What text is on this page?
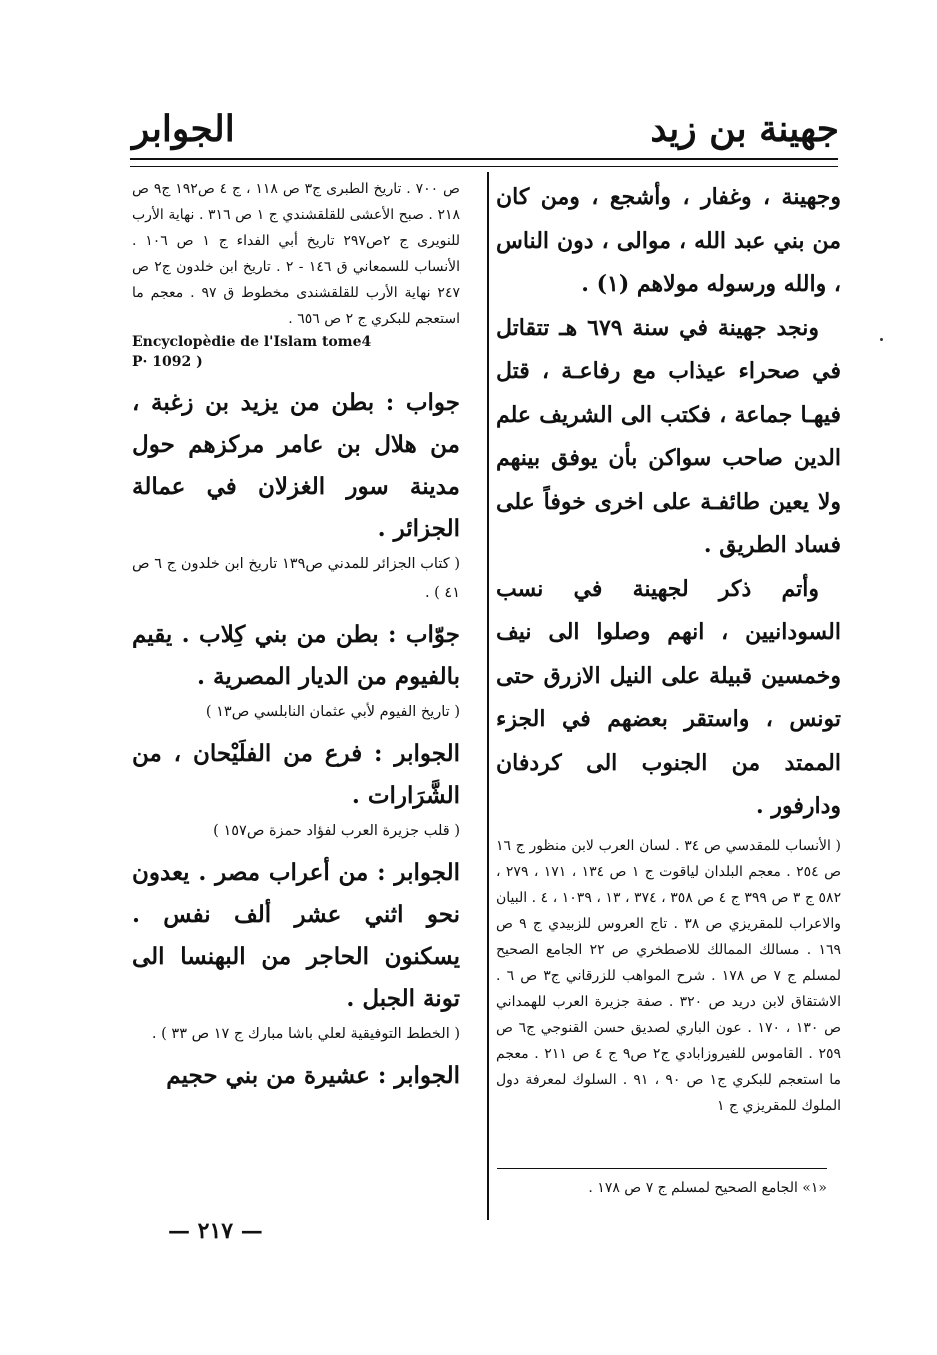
جهينة بن زيد
الجوابر

وجهينة ، وغفار ، وأشجع ، ومن كان من بني عبد الله ، موالى ، دون الناس ، والله ورسوله مولاهم (١) .

ونجد جهينة في سنة ٦٧٩ هـ تتقاتل في صحراء عيذاب مع رفاعـة ، قتل فيهـا جماعة ، فكتب الى الشريف علم الدين صاحب سواكن بأن يوفق بينهم ولا يعين طائفـة على اخرى خوفاً على فساد الطريق .

وأتم ذكر لجهينة في نسب السودانيين ، انهم وصلوا الى نيف وخمسين قبيلة على النيل الازرق حتى تونس ، واستقر بعضهم في الجزء الممتد من الجنوب الى كردفان ودارفور .

( الأنساب للمقدسي ص ٣٤ . لسان العرب لابن منظور ج ١٦ ص ٢٥٤ . معجم البلدان لياقوت ج ١ ص ١٣٤ ، ١٧١ ، ٢٧٩ ، ٥٨٢ ج ٣ ص ٣٩٩ ج ٤ ص ٣٥٨ ، ٣٧٤ ، ١٣ ، ١٠٣٩ ، ٤ . البيان والاعراب للمقريزي ص ٣٨ . تاج العروس للزبيدي ج ٩ ص ١٦٩ . مسالك الممالك للاصطخري ص ٢٢ الجامع الصحيح لمسلم ج ٧ ص ١٧٨ . شرح المواهب للزرقاني ج٣ ص ٦ . الاشتقاق لابن دريد ص ٣٢٠ . صفة جزيرة العرب للهمداني ص ١٣٠ ، ١٧٠ . عون الباري لصديق حسن القنوجي ج٦ ص ٢٥٩ . القاموس للفيروزابادي ج٢ ص٩ ج ٤ ص ٢١١ . معجم ما استعجم للبكري ج١ ص ٩٠ ، ٩١ . السلوك لمعرفة دول الملوك للمقريزي ج ١

«١» الجامع الصحيح لمسلم ج ٧ ص ١٧٨ .

ص ٧٠٠ . تاريخ الطبرى ج٣ ص ١١٨ ، ج ٤ ص١٩٢ ج٩ ص ٢١٨ . صبح الأعشى للقلقشندي ج ١ ص ٣١٦ . نهاية الأرب للنويرى ج ٢ص٢٩٧ تاريخ أبي الفداء ج ١ ص ١٠٦ . الأنساب للسمعاني ق ١٤٦ - ٢ . تاريخ ابن خلدون ج٢ ص ٢٤٧ نهاية الأرب للقلقشندى مخطوط ق ٩٧ . معجم ما استعجم للبكري ج ٢ ص ٦٥٦ .

Encyclopèdie de l'Islam tome4

P· 1092 )

جواب : بطن من يزيد بن زغبة ، من هلال بن عامر مركزهم حول مدينة سور الغزلان في عمالة الجزائر .

( كتاب الجزائر للمدني ص١٣٩ تاريخ ابن خلدون ج ٦ ص ٤١ ) .

جوّاب : بطن من بني كِلاب . يقيم بالفيوم من الديار المصرية .

( تاريخ الفيوم لأبي عثمان النابلسي ص١٣ )

الجوابر : فرع من الفلَيْحان ، من الشَّرَارات .

( قلب جزيرة العرب لفؤاد حمزة ص١٥٧ )

الجوابر : من أعراب مصر . يعدون نحو اثني عشر ألف نفس . يسكنون الحاجر من البهنسا الى تونة الجبل .

( الخطط التوفيقية لعلي باشا مبارك ج ١٧ ص ٣٣ ) .

الجوابر : عشيرة من بني حجيم

— ٢١٧ —
